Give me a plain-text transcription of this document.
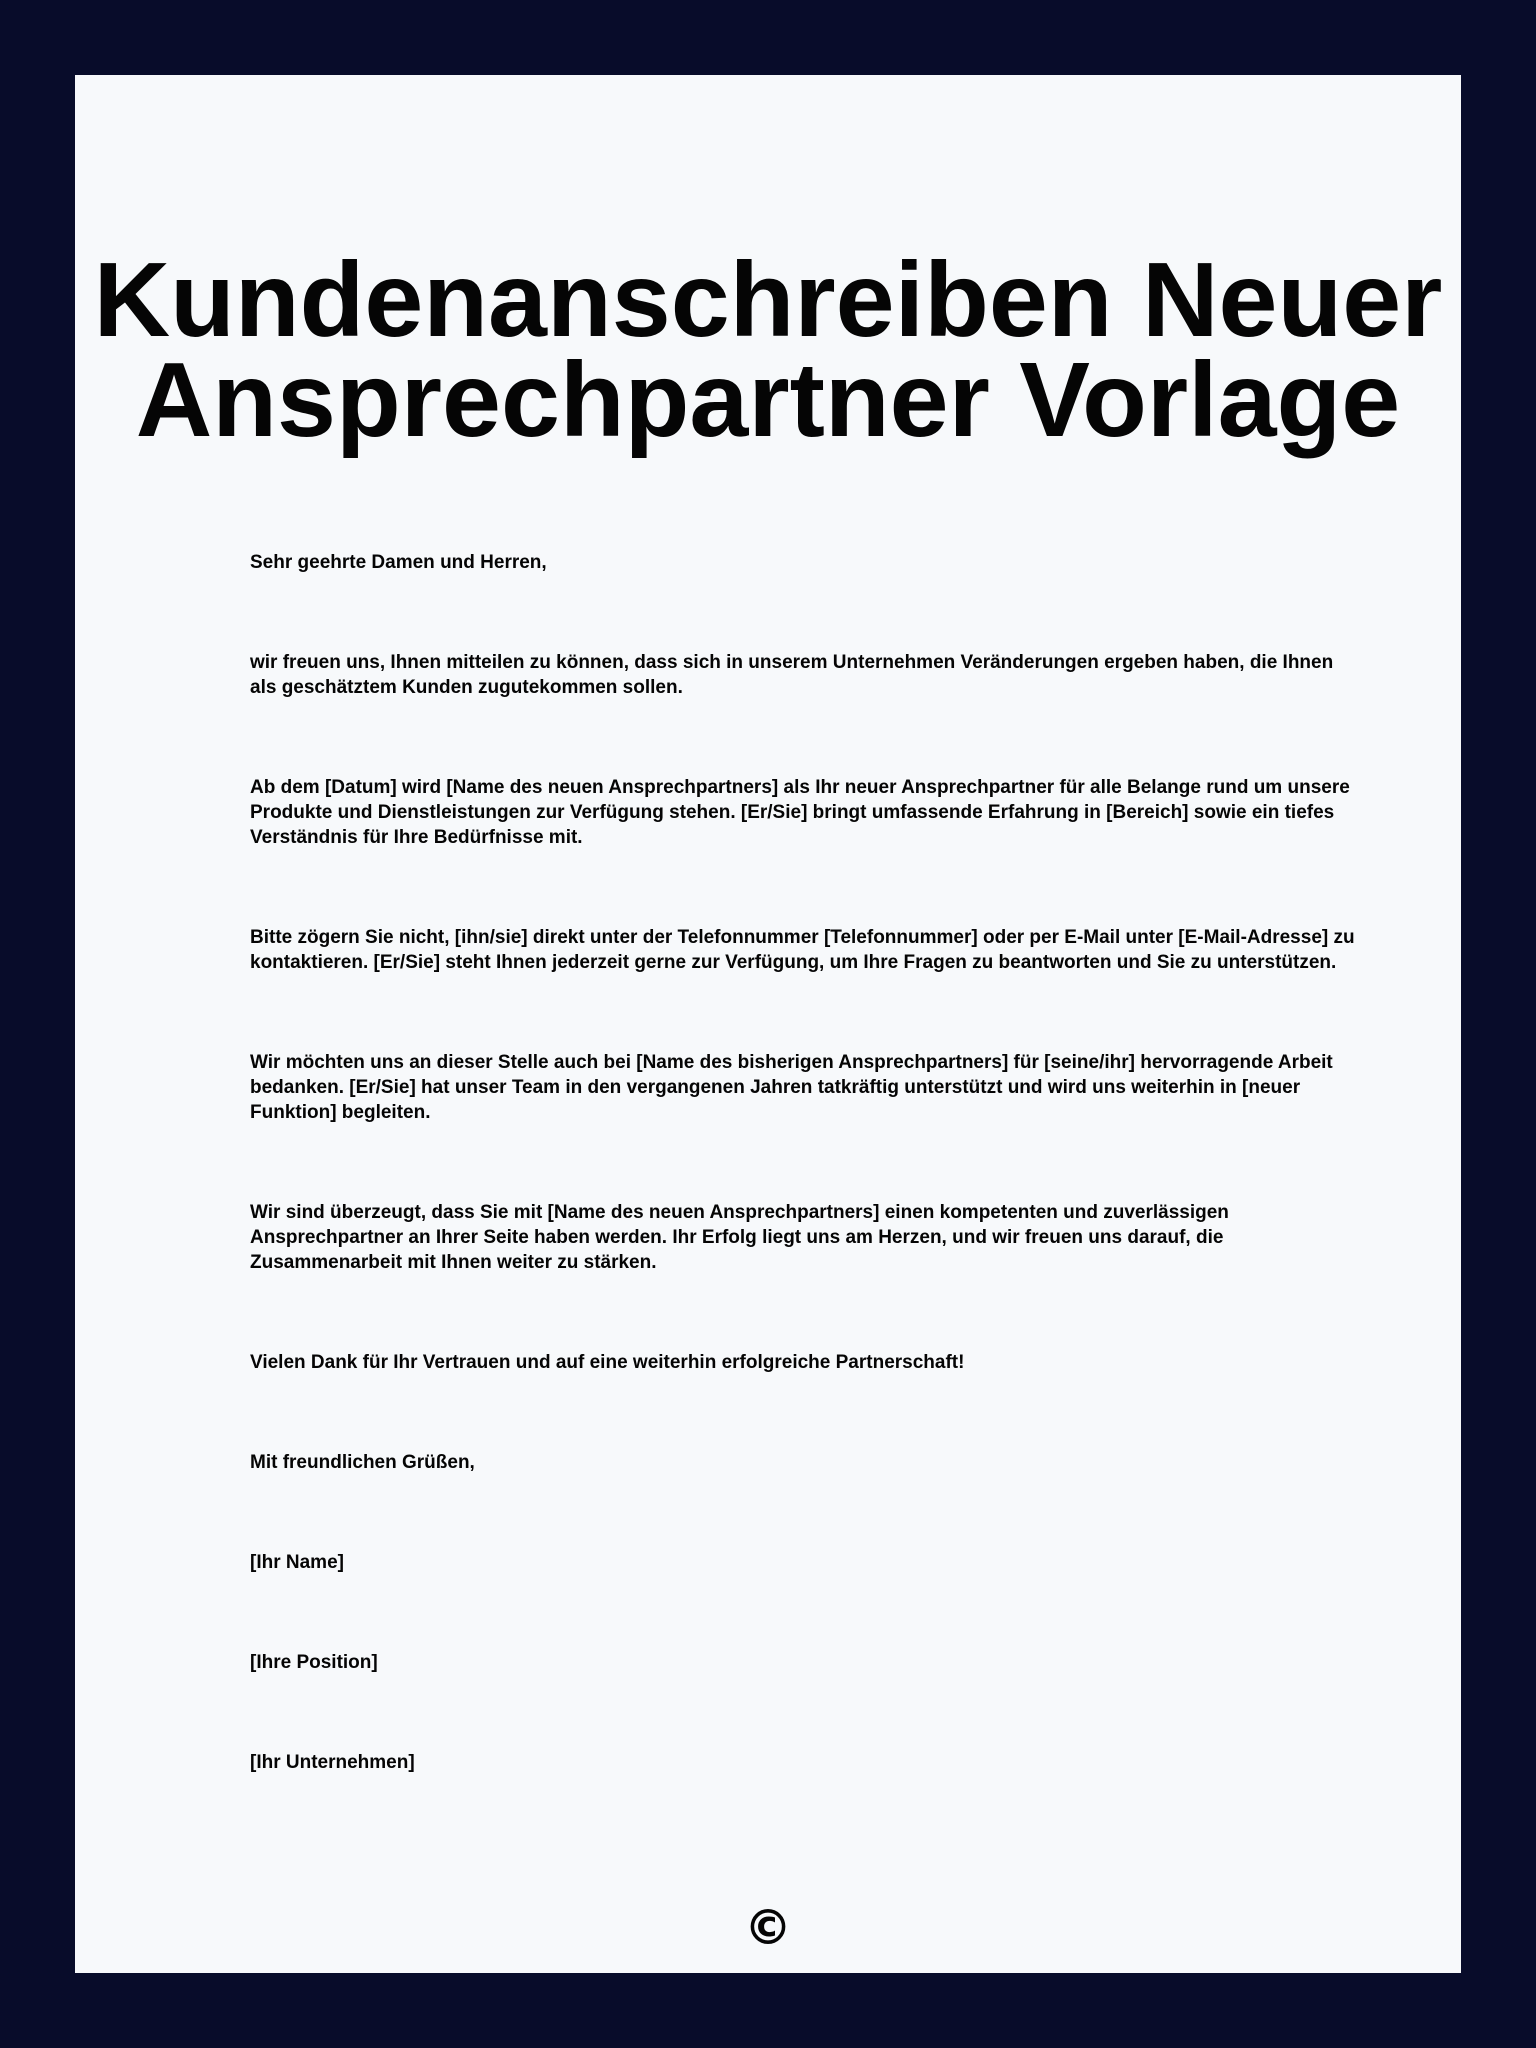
Kundenanschreiben Neuer Ansprechpartner Vorlage

Sehr geehrte Damen und Herren,

wir freuen uns, Ihnen mitteilen zu können, dass sich in unserem Unternehmen Veränderungen ergeben haben, die Ihnen als geschätztem Kunden zugutekommen sollen.

Ab dem [Datum] wird [Name des neuen Ansprechpartners] als Ihr neuer Ansprechpartner für alle Belange rund um unsere Produkte und Dienstleistungen zur Verfügung stehen. [Er/Sie] bringt umfassende Erfahrung in [Bereich] sowie ein tiefes Verständnis für Ihre Bedürfnisse mit.

Bitte zögern Sie nicht, [ihn/sie] direkt unter der Telefonnummer [Telefonnummer] oder per E-Mail unter [E-Mail-Adresse] zu kontaktieren. [Er/Sie] steht Ihnen jederzeit gerne zur Verfügung, um Ihre Fragen zu beantworten und Sie zu unterstützen.

Wir möchten uns an dieser Stelle auch bei [Name des bisherigen Ansprechpartners] für [seine/ihr] hervorragende Arbeit bedanken. [Er/Sie] hat unser Team in den vergangenen Jahren tatkräftig unterstützt und wird uns weiterhin in [neuer Funktion] begleiten.

Wir sind überzeugt, dass Sie mit [Name des neuen Ansprechpartners] einen kompetenten und zuverlässigen Ansprechpartner an Ihrer Seite haben werden. Ihr Erfolg liegt uns am Herzen, und wir freuen uns darauf, die Zusammenarbeit mit Ihnen weiter zu stärken.

Vielen Dank für Ihr Vertrauen und auf eine weiterhin erfolgreiche Partnerschaft!

Mit freundlichen Grüßen,

[Ihr Name]

[Ihre Position]

[Ihr Unternehmen]

©
